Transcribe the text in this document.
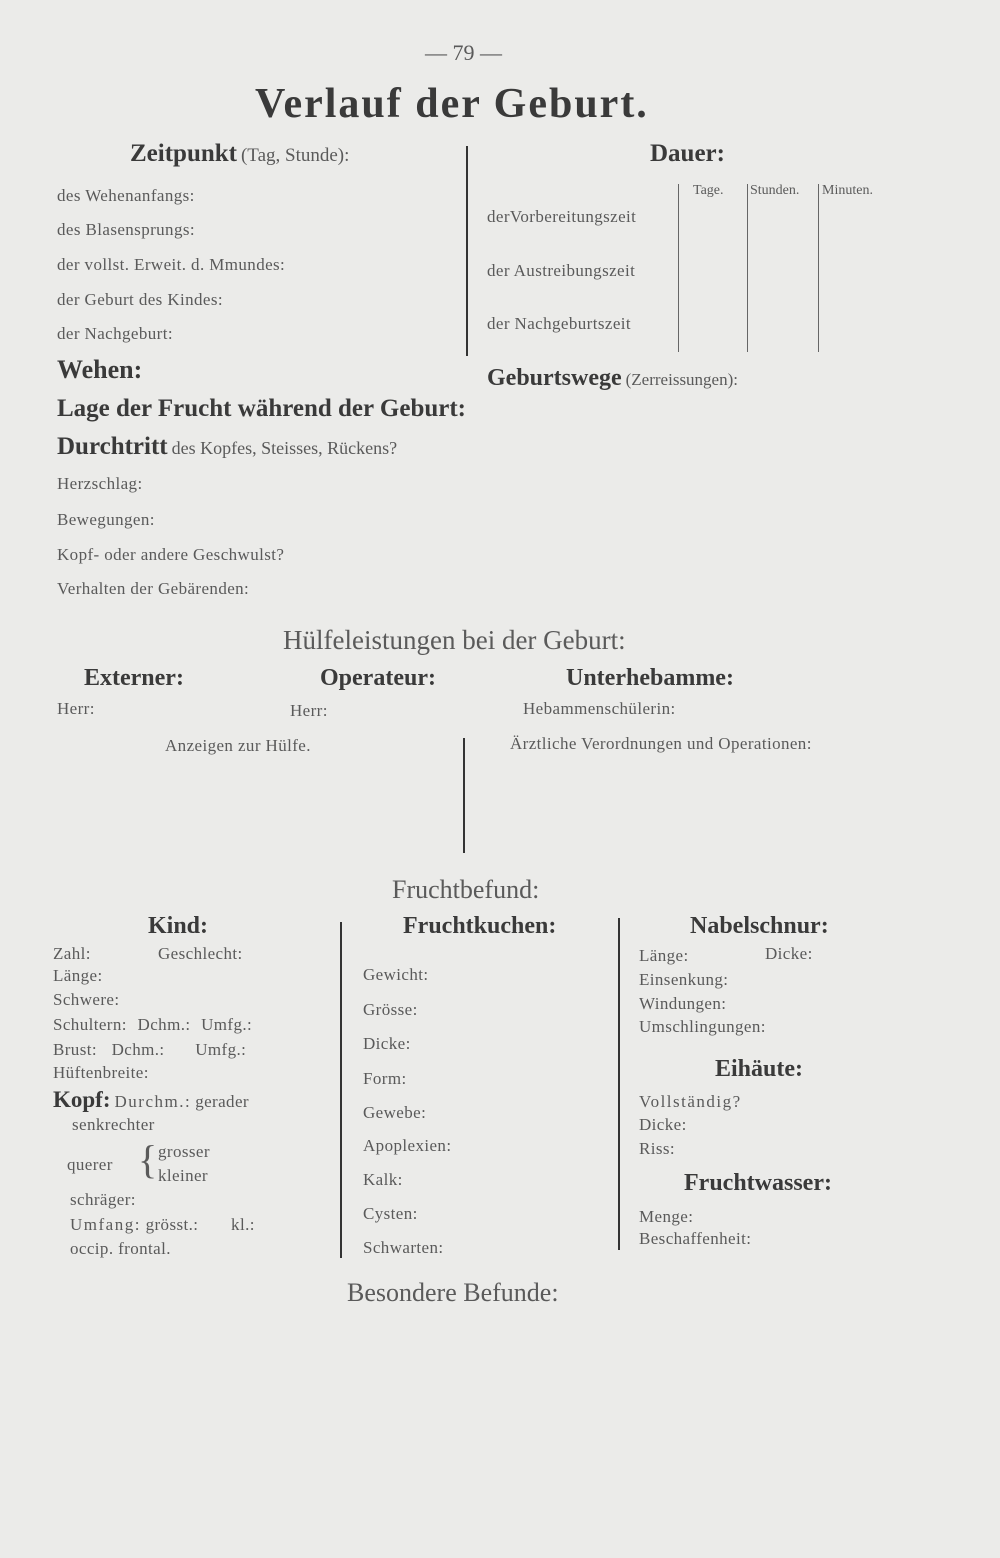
— 79 —
Verlauf der Geburt.
Zeitpunkt (Tag, Stunde):
des Wehenanfangs:
des Blasensprungs:
der vollst. Erweit. d. Mmundes:
der Geburt des Kindes:
der Nachgeburt:
Dauer:
Tage. Stunden. Minuten.
derVorbereitungszeit
der Austreibungszeit
der Nachgeburtszeit
Wehen:	Geburtswege (Zerreissungen):
Lage der Frucht während der Geburt:
Durchtritt des Kopfes, Steisses, Rückens?
Herzschlag:
Bewegungen:
Kopf- oder andere Geschwulst?
Verhalten der Gebärenden:
Hülfeleistungen bei der Geburt:
Externer:	Operateur:	Unterhebamme:
Herr:	Herr:	Hebammenschülerin:
Anzeigen zur Hülfe.	Ärztliche Verordnungen und Operationen:
Fruchtbefund:
Kind:
Zahl:	Geschlecht:
Länge:
Schwere:
Schultern: Dchm.: Umfg.:
Brust: Dchm.: Umfg.:
Hüftenbreite:
Kopf: Durchm.: gerader
senkrechter
querer { grosser
kleiner
schräger:
Umfang: grösst.: kl.:
occip. frontal.
Fruchtkuchen:
Gewicht:
Grösse:
Dicke:
Form:
Gewebe:
Apoplexien:
Kalk:
Cysten:
Schwarten:
Nabelschnur:
Länge:	Dicke:
Einsenkung:
Windungen:
Umschlingungen:
Eihäute:
Vollständig?
Dicke:
Riss:
Fruchtwasser:
Menge:
Beschaffenheit:
Besondere Befunde:
